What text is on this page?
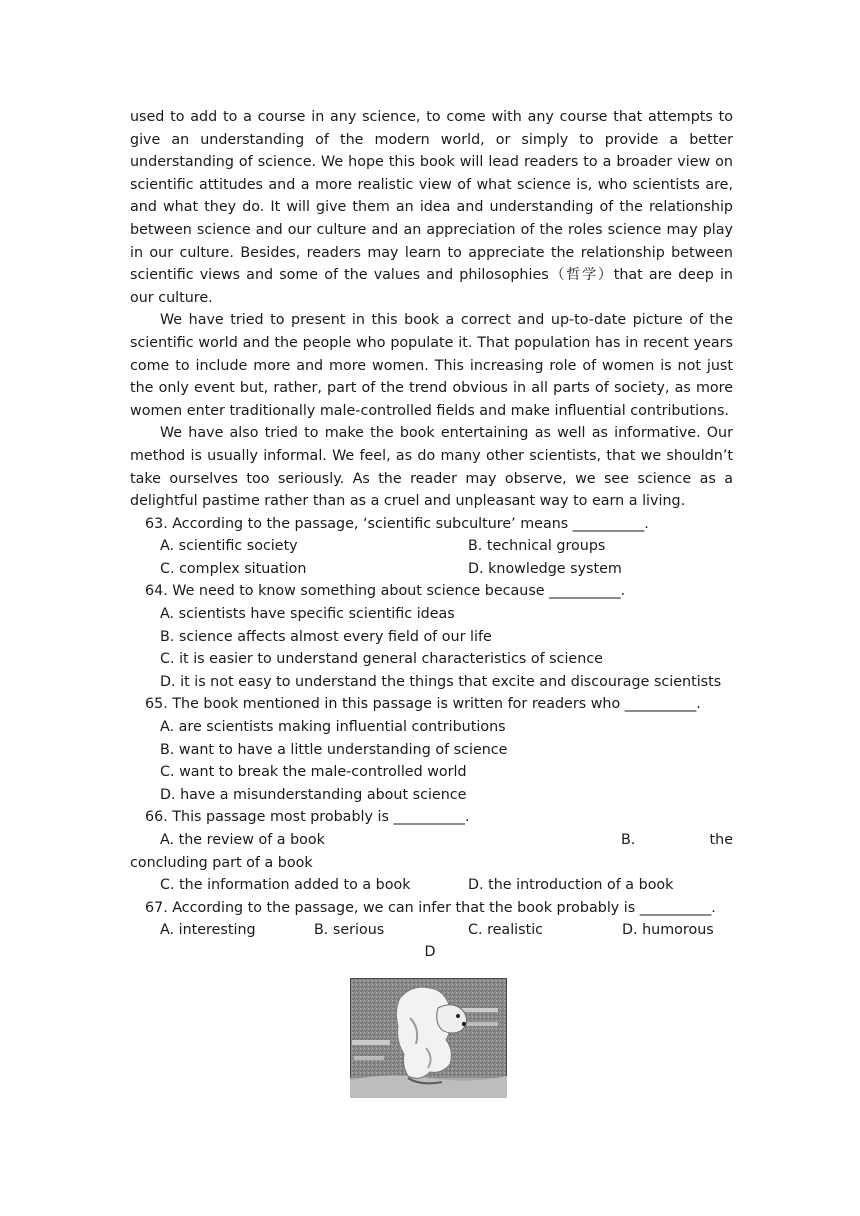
used to add to a course in any science, to come with any course that attempts to give an understanding of the modern world, or simply to provide a better understanding of science. We hope this book will lead readers to a broader view on scientific attitudes and a more realistic view of what science is, who scientists are, and what they do. It will give them an idea and understanding of the relationship between science and our culture and an appreciation of the roles science may play in our culture. Besides, readers may learn to appreciate the relationship between scientific views and some of the values and philosophies（哲学）that are deep in our culture.

We have tried to present in this book a correct and up-to-date picture of the scientific world and the people who populate it. That population has in recent years come to include more and more women. This increasing role of women is not just the only event but, rather, part of the trend obvious in all parts of society, as more women enter traditionally male-controlled fields and make influential contributions.

We have also tried to make the book entertaining as well as informative. Our method is usually informal. We feel, as do many other scientists, that we shouldn’t take ourselves too seriously. As the reader may observe, we see science as a delightful pastime rather than as a cruel and unpleasant way to earn a living.

63. According to the passage, ‘scientific subculture’ means __________.

A. scientific society	B. technical groups
C. complex situation	D. knowledge system

64. We need to know something about science because __________.

A. scientists have specific scientific ideas

B. science affects almost every field of our life

C. it is easier to understand general characteristics of science

D. it is not easy to understand the things that excite and discourage scientists

65. The book mentioned in this passage is written for readers who __________.

A. are scientists making influential contributions

B. want to have a little understanding of science

C. want to break the male-controlled world

D. have a misunderstanding about science

66. This passage most probably is __________.

A. the review of a book	B.	the

concluding part of a book

C. the information added to a book	D. the introduction of a book

67. According to the passage, we can infer that the book probably is __________.

A. interesting	B. serious	C. realistic	D. humorous
D
